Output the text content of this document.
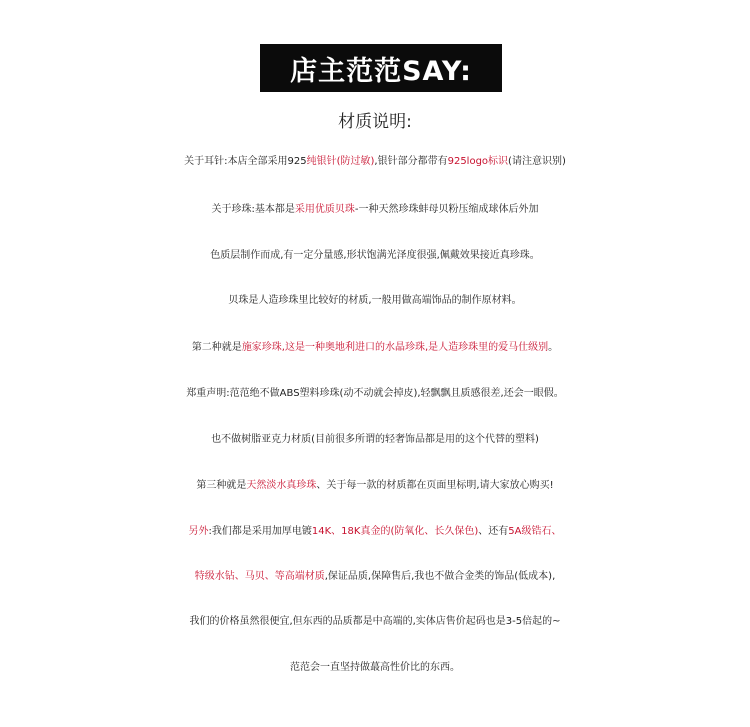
店主范范SAY:
材质说明:
关于耳针:本店全部采用925纯银针(防过敏),银针部分都带有925logo标识(请注意识别)
关于珍珠:基本都是采用优质贝珠-一种天然珍珠蚌母贝粉压缩成球体后外加
色质层制作而成,有一定分量感,形状饱满光泽度很强,佩戴效果接近真珍珠。
贝珠是人造珍珠里比较好的材质,一般用做高端饰品的制作原材料。
第二种就是施家珍珠,这是一种奥地利进口的水晶珍珠,是人造珍珠里的爱马仕级别。
郑重声明:范范绝不做ABS塑料珍珠(动不动就会掉皮),轻飘飘且质感很差,还会一眼假。
也不做树脂亚克力材质(目前很多所谓的轻奢饰品都是用的这个代替的塑料)
第三种就是天然淡水真珍珠、关于每一款的材质都在页面里标明,请大家放心购买!
另外:我们都是采用加厚电镀14K、18K真金的(防氧化、长久保色)、还有5A级锆石、
特级水钻、马贝、等高端材质,保证品质,保障售后,我也不做合金类的饰品(低成本),
我们的价格虽然很便宜,但东西的品质都是中高端的,实体店售价起码也是3-5倍起的~
范范会一直坚持做蕞高性价比的东西。
